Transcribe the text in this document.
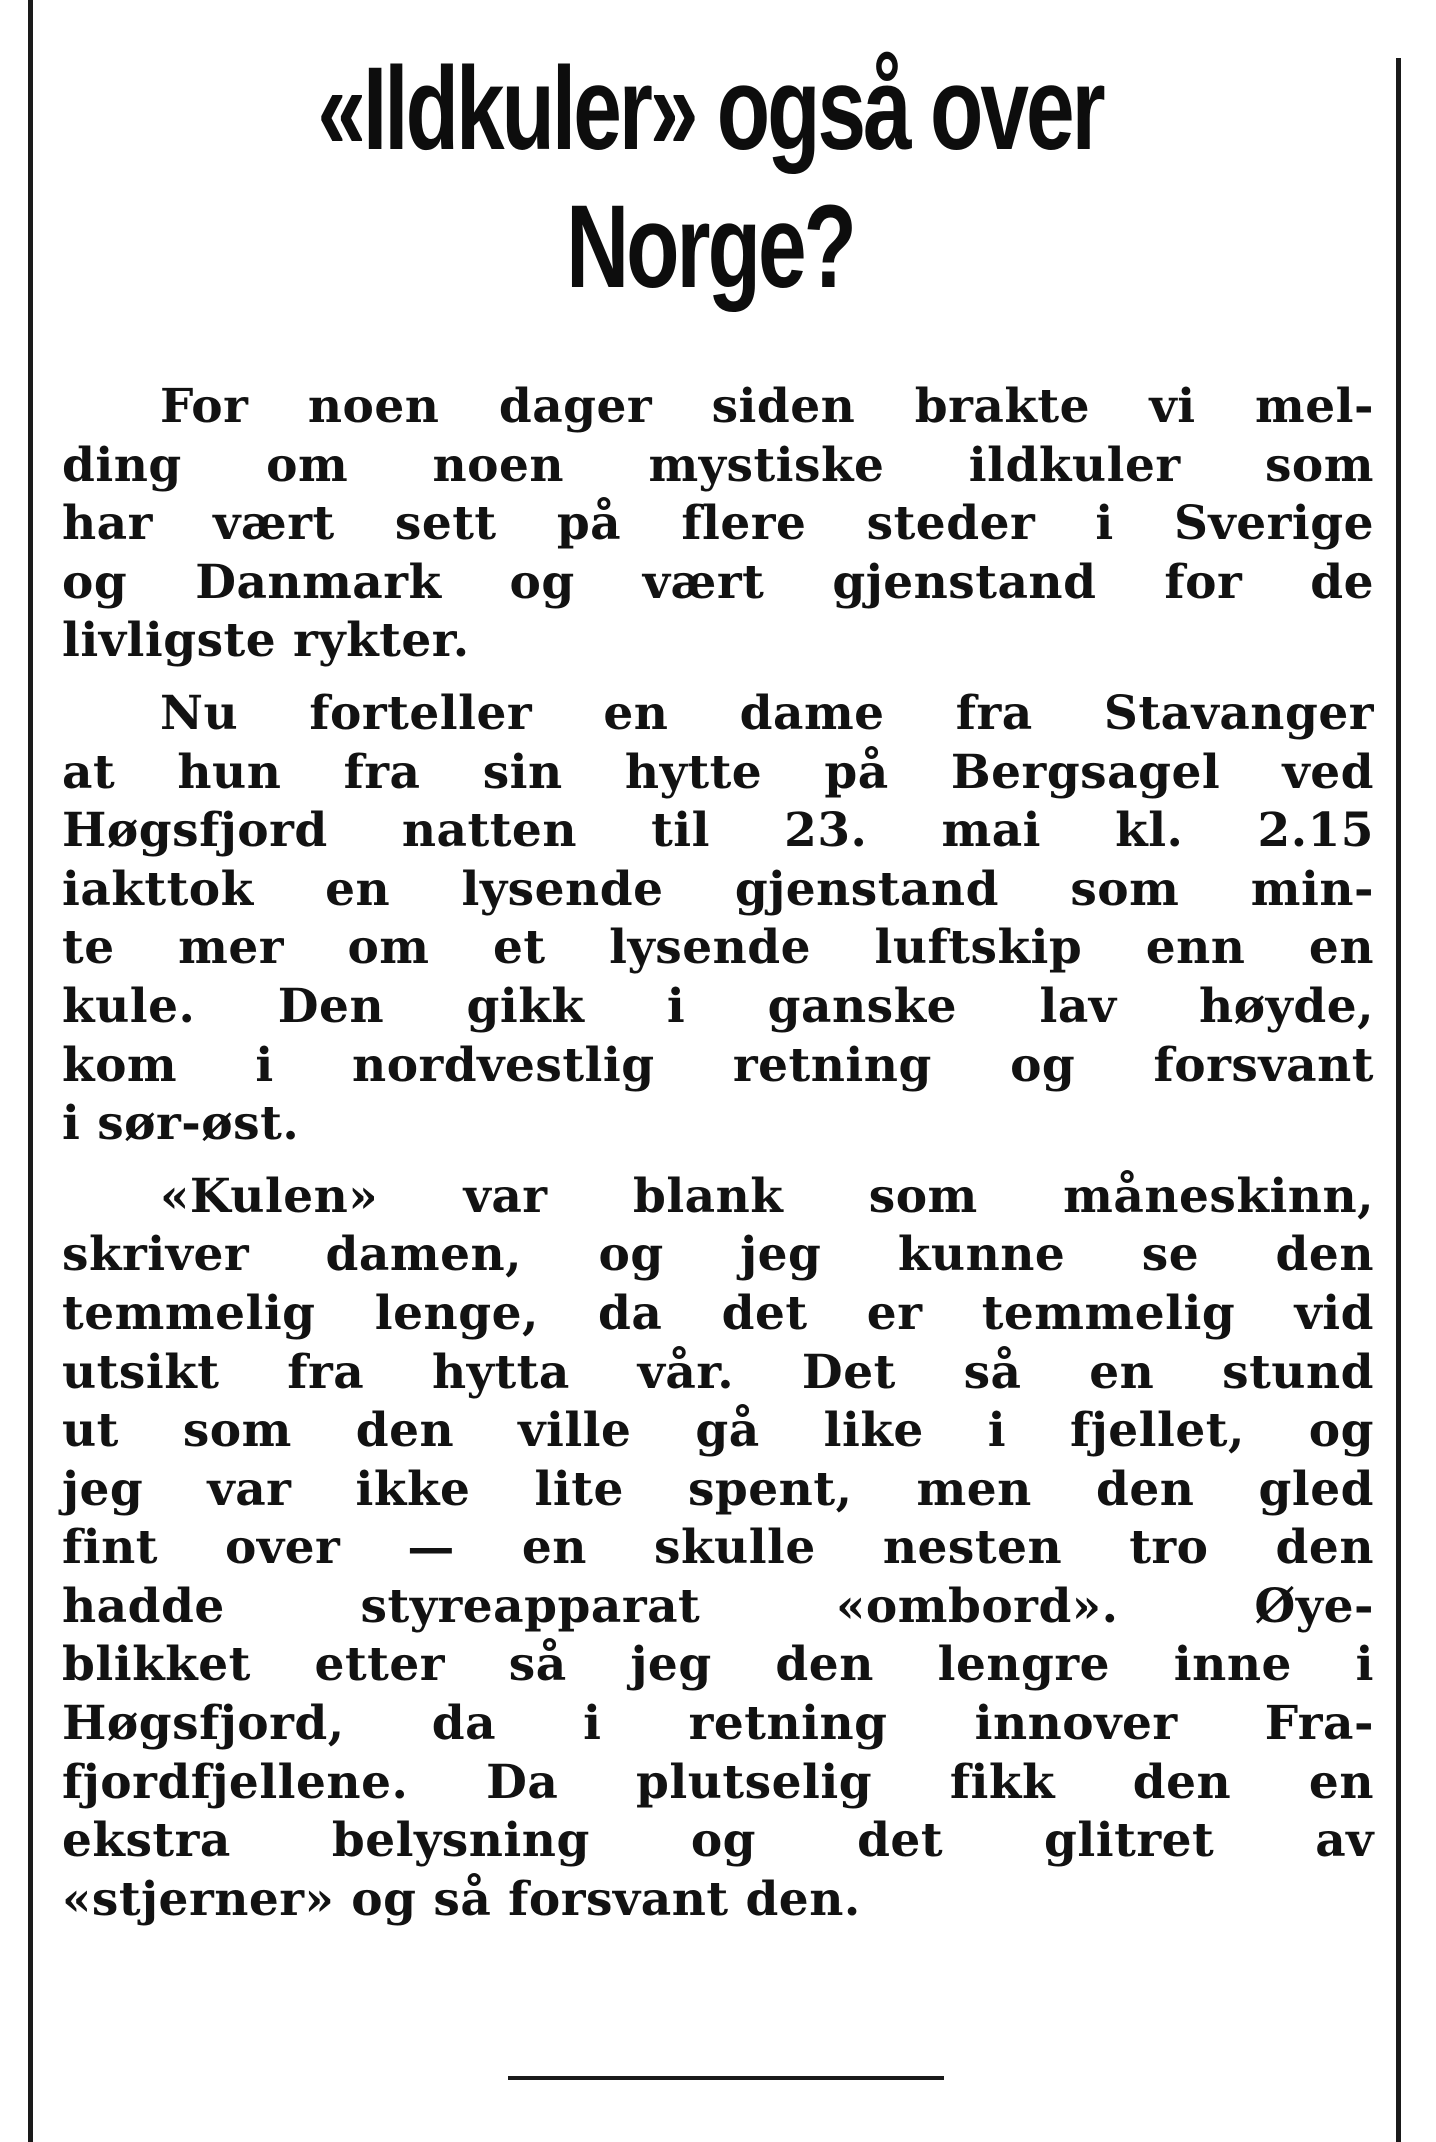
«Ildkuler» også over
Norge?

For noen dager siden brakte vi mel-
ding om noen mystiske ildkuler som
har vært sett på flere steder i Sverige
og Danmark og vært gjenstand for de
livligste rykter.

Nu forteller en dame fra Stavanger
at hun fra sin hytte på Bergsagel ved
Høgsfjord natten til 23. mai kl. 2.15
iakttok en lysende gjenstand som min-
te mer om et lysende luftskip enn en
kule. Den gikk i ganske lav høyde,
kom i nordvestlig retning og forsvant
i sør-øst.

«Kulen» var blank som måneskinn,
skriver damen, og jeg kunne se den
temmelig lenge, da det er temmelig vid
utsikt fra hytta vår. Det så en stund
ut som den ville gå like i fjellet, og
jeg var ikke lite spent, men den gled
fint over — en skulle nesten tro den
hadde styreapparat «ombord». Øye-
blikket etter så jeg den lengre inne i
Høgsfjord, da i retning innover Fra-
fjordfjellene. Da plutselig fikk den en
ekstra belysning og det glitret av
«stjerner» og så forsvant den.
